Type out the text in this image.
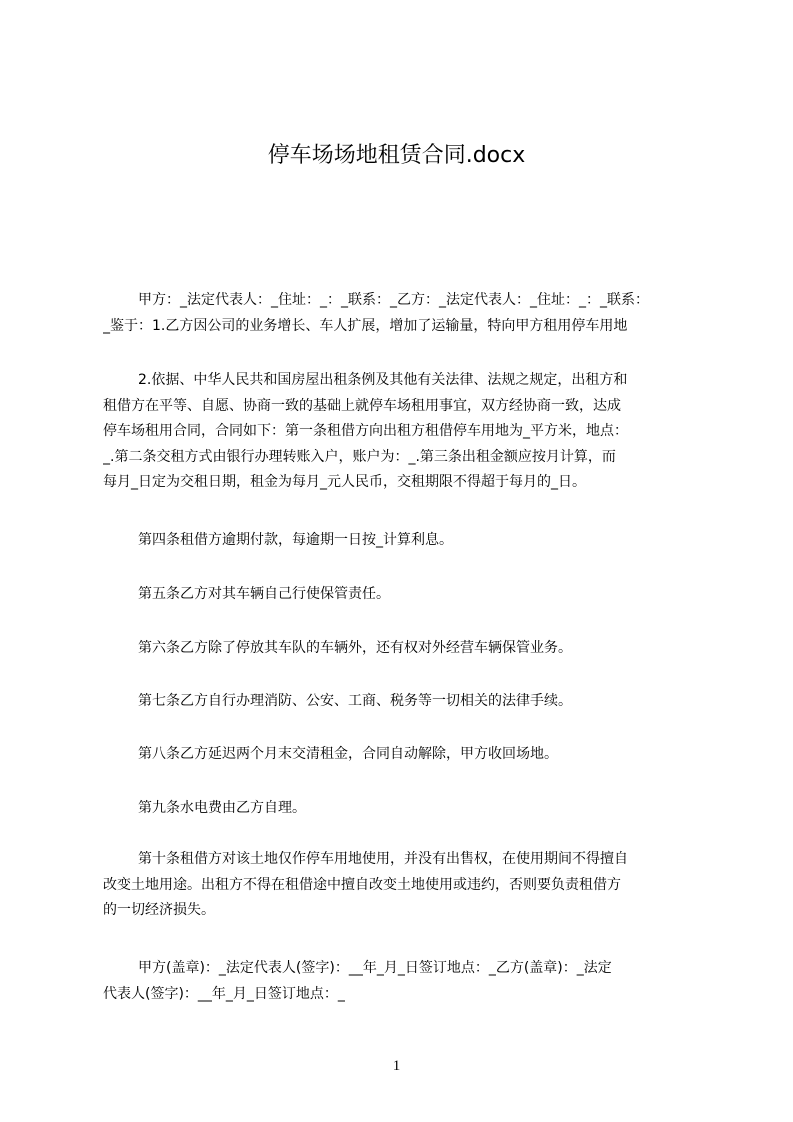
停车场场地租赁合同.docx
甲方：_法定代表人：_住址：_：_联系：_乙方：_法定代表人：_住址：_：_联系：
_鉴于：1.乙方因公司的业务增长、车人扩展，增加了运输量，特向甲方租用停车用地
2.依据、中华人民共和国房屋出租条例及其他有关法律、法规之规定，出租方和
租借方在平等、自愿、协商一致的基础上就停车场租用事宜，双方经协商一致，达成
停车场租用合同，合同如下：第一条租借方向出租方租借停车用地为_平方米，地点：
_.第二条交租方式由银行办理转账入户，账户为：_.第三条出租金额应按月计算，而
每月_日定为交租日期，租金为每月_元人民币，交租期限不得超于每月的_日。
第四条租借方逾期付款，每逾期一日按_计算利息。
第五条乙方对其车辆自己行使保管责任。
第六条乙方除了停放其车队的车辆外，还有权对外经营车辆保管业务。
第七条乙方自行办理消防、公安、工商、税务等一切相关的法律手续。
第八条乙方延迟两个月末交清租金，合同自动解除，甲方收回场地。
第九条水电费由乙方自理。
第十条租借方对该土地仅作停车用地使用，并没有出售权，在使用期间不得擅自
改变土地用途。出租方不得在租借途中擅自改变土地使用或违约，否则要负责租借方
的一切经济损失。
甲方(盖章)：_法定代表人(签字)：__年_月_日签订地点：_乙方(盖章)：_法定
代表人(签字)：__年_月_日签订地点：_
1
